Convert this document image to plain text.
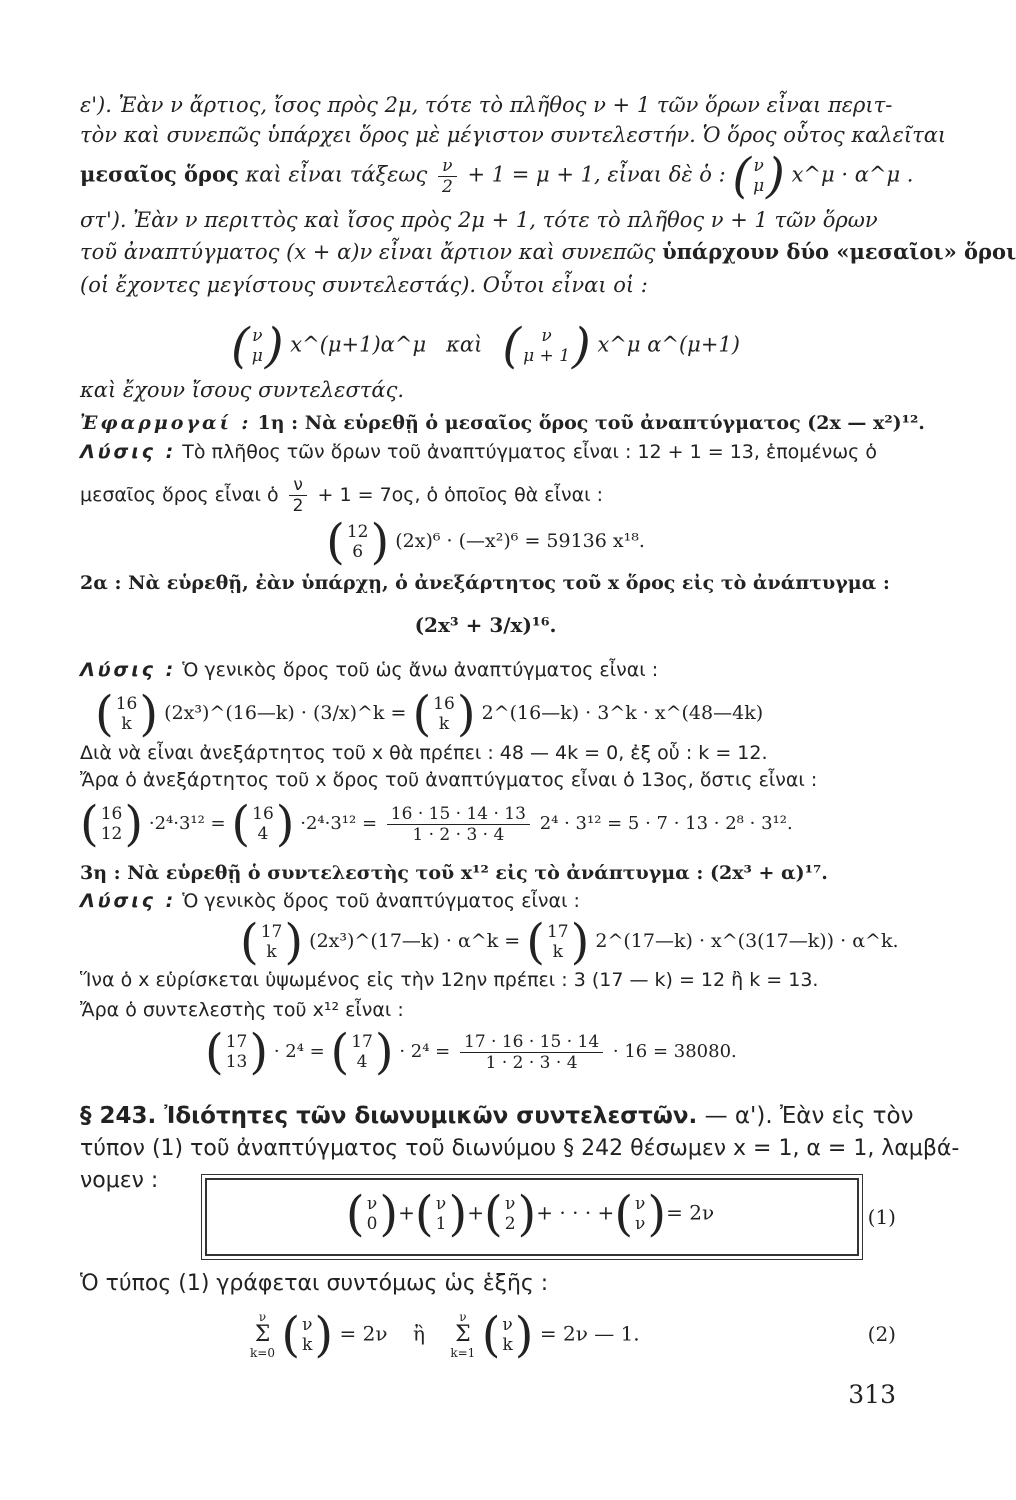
ε'). Ἐὰν ν ἄρτιος, ἴσος πρὸς 2μ, τότε τὸ πλῆθος ν + 1 τῶν ὅρων εἶναι περιτ-
τὸν καὶ συνεπῶς ὑπάρχει ὅρος μὲ μέγιστον συντελεστήν. Ὁ ὅρος οὗτος καλεῖται
μεσαῖος ὅρος καὶ εἶναι τάξεως $\frac{\nu}{2} + 1 = \mu + 1$, εἶναι δὲ ὁ : ( ν
μ ) x^μ · α^μ .
στ'). Ἐὰν ν περιττὸς καὶ ἴσος πρὸς 2μ + 1, τότε τὸ πλῆθος ν + 1 τῶν ὅρων
τοῦ ἀναπτύγματος (x + α)ν εἶναι ἄρτιον καὶ συνεπῶς ὑπάρχουν δύο «μεσαῖοι» ὅροι
(οἱ ἔχοντες μεγίστους συντελεστάς). Οὗτοι εἶναι οἱ :
( ν
μ ) x^(μ+1)α^μ καὶ ( ν
μ + 1 ) x^μ α^(μ+1)
καὶ ἔχουν ἴσους συντελεστάς.
Ἐφαρμογαί : 1η : Νὰ εὑρεθῇ ὁ μεσαῖος ὅρος τοῦ ἀναπτύγματος (2x — x²)¹².
Λύσις : Τὸ πλῆθος τῶν ὅρων τοῦ ἀναπτύγματος εἶναι : 12 + 1 = 13, ἑπομένως ὁ
μεσαῖος ὅρος εἶναι ὁ $\frac{\nu}{2} + 1 = 7o\varsigma$, ὁ ὁποῖος θὰ εἶναι :
( 12
6 ) (2x)⁶ · (—x²)⁶ = 59136 x¹⁸.
2α : Νὰ εὑρεθῇ, ἐὰν ὑπάρχῃ, ὁ ἀνεξάρτητος τοῦ x ὅρος εἰς τὸ ἀνάπτυγμα :
(2x³ + 3/x)¹⁶.
Λύσις : Ὁ γενικὸς ὅρος τοῦ ὡς ἄνω ἀναπτύγματος εἶναι :
( 16
k ) (2x³)^(16—k) · (3/x)^k = ( 16
k ) 2^(16—k) · 3^k · x^(48—4k)
Διὰ νὰ εἶναι ἀνεξάρτητος τοῦ x θὰ πρέπει : 48 — 4k = 0, ἐξ οὗ : k = 12.
Ἄρα ὁ ἀνεξάρτητος τοῦ x ὅρος τοῦ ἀναπτύγματος εἶναι ὁ 13ος, ὅστις εἶναι :
( 16
12 ) ·2⁴·3¹² = ( 16
4 ) $\cdot 2^4\cdot 3^{12} = \frac{16 \cdot 15 \cdot 14 \cdot 13}{1 \cdot 2 \cdot 3 \cdot 4} 2^4 \cdot 3^{12} = 5 \cdot 7 \cdot 13 \cdot 2^8 \cdot 3^{12}$.
3η : Νὰ εὑρεθῇ ὁ συντελεστὴς τοῦ x¹² εἰς τὸ ἀνάπτυγμα : (2x³ + α)¹⁷.
Λύσις : Ὁ γενικὸς ὅρος τοῦ ἀναπτύγματος εἶναι :
( 17
k ) (2x³)^(17—k) · α^k = ( 17
k ) 2^(17—k) · x^(3(17—k)) · α^k.
Ἵνα ὁ x εὑρίσκεται ὑψωμένος εἰς τὴν 12ην πρέπει : 3 (17 — k) = 12 ἢ k = 13.
Ἄρα ὁ συντελεστὴς τοῦ x¹² εἶναι :
( 17
13 ) · 2⁴ = ( 17
4 ) · $2^4 = \frac{17 \cdot 16 \cdot 15 \cdot 14}{1 \cdot 2 \cdot 3 \cdot 4} \cdot 16 = 38080$.
§ 243. Ἰδιότητες τῶν διωνυμικῶν συντελεστῶν. — α'). Ἐὰν εἰς τὸν
τύπον (1) τοῦ ἀναπτύγματος τοῦ διωνύμου § 242 θέσωμεν x = 1, α = 1, λαμβά-
νομεν :
( ν
0 ) + ( ν
1 ) + ( ν
2 ) + · · · + ( ν
ν ) = 2ν	(1)
Ὁ τύπος (1) γράφεται συντόμως ὡς ἑξῆς :
ν
Σ
k=0
( ν
k ) = 2ν ἢ
ν
Σ
k=1
( ν
k ) = 2ν — 1.	(2)
313
